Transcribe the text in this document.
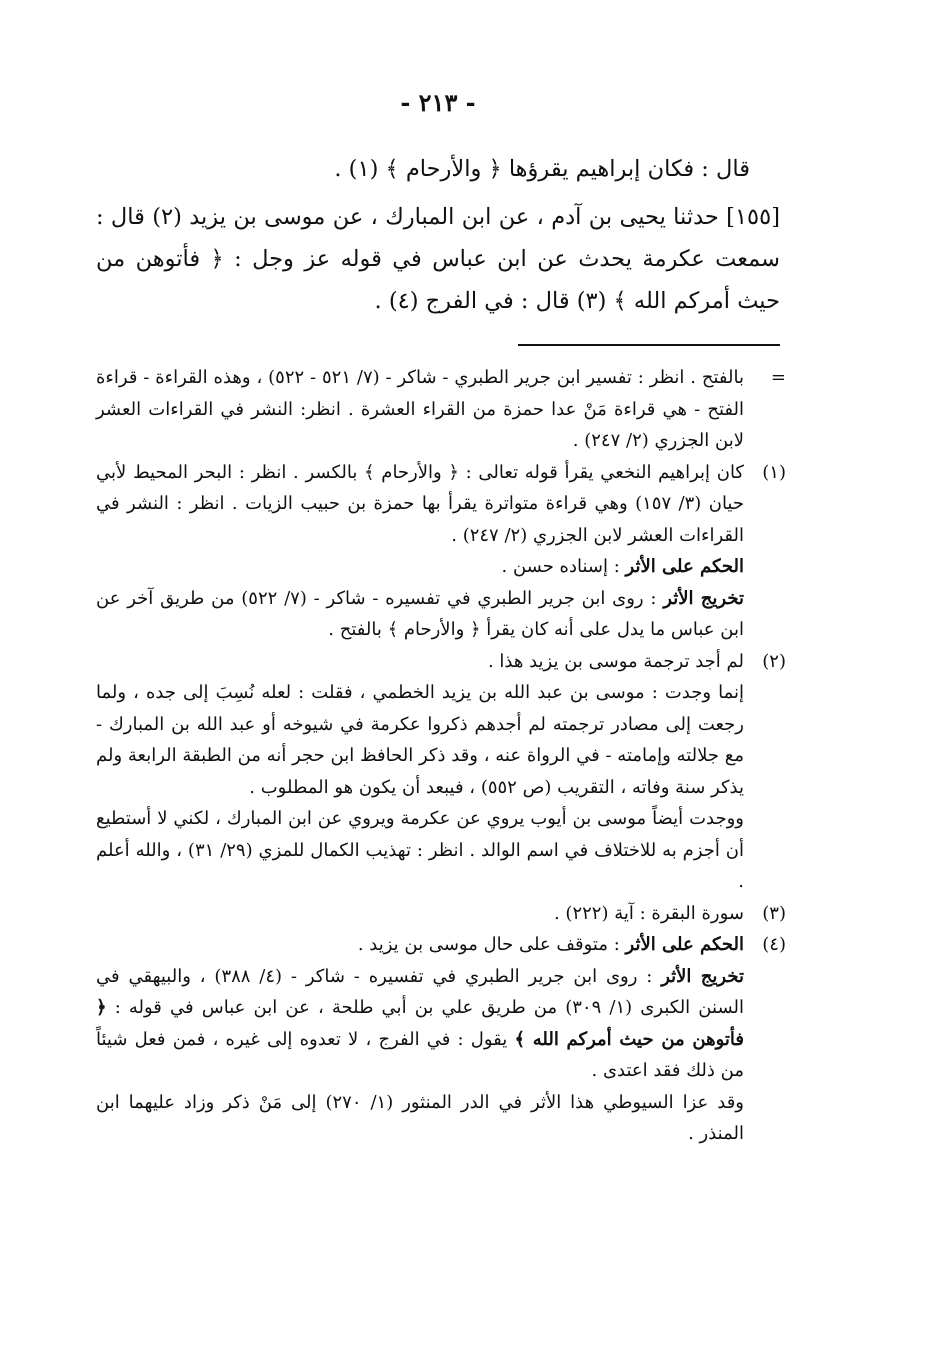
- ٢١٣ -

قال : فكان إبراهيم يقرؤها ﴿ والأرحام ﴾ (١) .

[١٥٥] حدثنا يحيى بن آدم ، عن ابن المبارك ، عن موسى بن يزيد (٢) قال : سمعت عكرمة يحدث عن ابن عباس في قوله عز وجل : ﴿ فأتوهن من حيث أمركم الله ﴾ (٣) قال : في الفرج (٤) .

=
بالفتح . انظر : تفسير ابن جرير الطبري - شاكر - (٧/ ٥٢١ - ٥٢٢) ، وهذه القراءة - قراءة الفتح - هي قراءة مَنْ عدا حمزة من القراء العشرة . انظر: النشر في القراءات العشر لابن الجزري (٢/ ٢٤٧) .

(١)
كان إبراهيم النخعي يقرأ قوله تعالى : ﴿ والأرحام ﴾ بالكسر . انظر : البحر المحيط لأبي حيان (٣/ ١٥٧) وهي قراءة متواترة يقرأ بها حمزة بن حبيب الزيات . انظر : النشر في القراءات العشر لابن الجزري (٢/ ٢٤٧) .

الحكم على الأثر : إسناده حسن .

تخريج الأثر : روى ابن جرير الطبري في تفسيره - شاكر - (٧/ ٥٢٢) من طريق آخر عن ابن عباس ما يدل على أنه كان يقرأ ﴿ والأرحام ﴾ بالفتح .

(٢)
لم أجد ترجمة موسى بن يزيد هذا .

إنما وجدت : موسى بن عبد الله بن يزيد الخطمي ، فقلت : لعله نُسِبَ إلى جده ، ولما رجعت إلى مصادر ترجمته لم أجدهم ذكروا عكرمة في شيوخه أو عبد الله بن المبارك - مع جلالته وإمامته - في الرواة عنه ، وقد ذكر الحافظ ابن حجر أنه من الطبقة الرابعة ولم يذكر سنة وفاته ، التقريب (ص ٥٥٢) ، فيبعد أن يكون هو المطلوب .

ووجدت أيضاً موسى بن أيوب يروي عن عكرمة ويروي عن ابن المبارك ، لكني لا أستطيع أن أجزم به للاختلاف في اسم الوالد . انظر : تهذيب الكمال للمزي (٢٩/ ٣١) ، والله أعلم .

(٣)
سورة البقرة : آية (٢٢٢) .

(٤)
الحكم على الأثر : متوقف على حال موسى بن يزيد .

تخريج الأثر : روى ابن جرير الطبري في تفسيره - شاكر - (٤/ ٣٨٨) ، والبيهقي في السنن الكبرى (١/ ٣٠٩) من طريق علي بن أبي طلحة ، عن ابن عباس في قوله : ﴿ فأتوهن من حيث أمركم الله ﴾ يقول : في الفرج ، لا تعدوه إلى غيره ، فمن فعل شيئاً من ذلك فقد اعتدى .

وقد عزا السيوطي هذا الأثر في الدر المنثور (١/ ٢٧٠) إلى مَنْ ذكر وزاد عليهما ابن المنذر .
